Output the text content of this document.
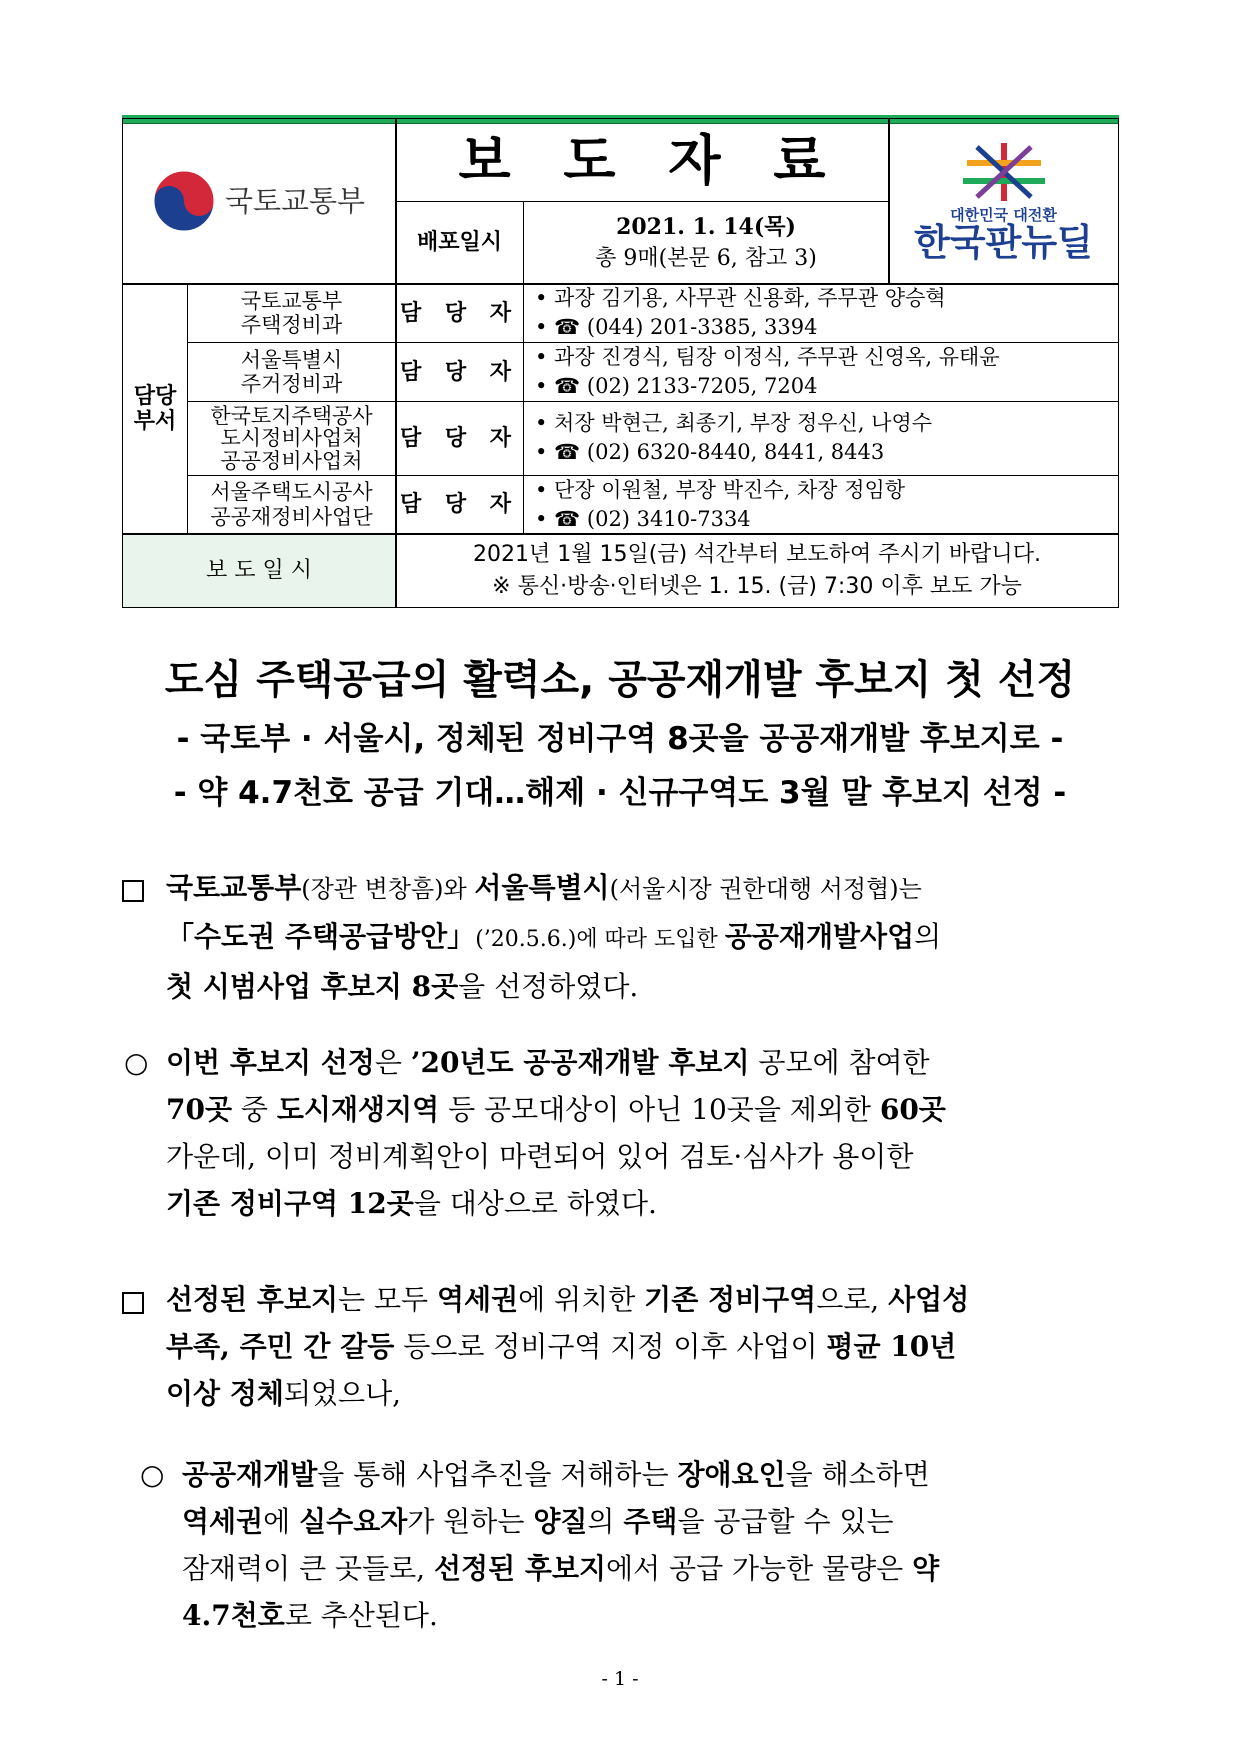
국토교통부
보 도 자 료
배포일시
2021. 1. 14(목)
총 9매(본문 6, 참고 3)
대한민국 대전환
한국판뉴딜
담당
부서
국토교통부
주택정비과	담 당 자
• 과장 김기용, 사무관 신용화, 주무관 양승혁
• ☎ (044) 201-3385, 3394
서울특별시
주거정비과	담 당 자
• 과장 진경식, 팀장 이정식, 주무관 신영옥, 유태윤
• ☎ (02) 2133-7205, 7204
한국토지주택공사
도시정비사업처
공공정비사업처
담 당 자
• 처장 박현근, 최종기, 부장 정우신, 나영수
• ☎ (02) 6320-8440, 8441, 8443
서울주택도시공사
공공재정비사업단 담 당 자
• 단장 이원철, 부장 박진수, 차장 정임항
• ☎ (02) 3410-7334
보 도 일 시
2021년 1월 15일(금) 석간부터 보도하여 주시기 바랍니다.
※ 통신·방송·인터넷은 1. 15. (금) 7:30 이후 보도 가능
도심 주택공급의 활력소, 공공재개발 후보지 첫 선정
- 국토부 · 서울시, 정체된 정비구역 8곳을 공공재개발 후보지로 -
- 약 4.7천호 공급 기대…해제 · 신규구역도 3월 말 후보지 선정 -
국토교통부(장관 변창흠)와 서울특별시(서울시장 권한대행 서정협)는
「수도권 주택공급방안」(’20.5.6.)에 따라 도입한 공공재개발사업의
첫 시범사업 후보지 8곳을 선정하였다.
○ 이번 후보지 선정은 ’20년도 공공재개발 후보지 공모에 참여한
70곳 중 도시재생지역 등 공모대상이 아닌 10곳을 제외한 60곳
가운데, 이미 정비계획안이 마련되어 있어 검토·심사가 용이한
기존 정비구역 12곳을 대상으로 하였다.
선정된 후보지는 모두 역세권에 위치한 기존 정비구역으로, 사업성
부족, 주민 간 갈등 등으로 정비구역 지정 이후 사업이 평균 10년
이상 정체되었으나,
○ 공공재개발을 통해 사업추진을 저해하는 장애요인을 해소하면
역세권에 실수요자가 원하는 양질의 주택을 공급할 수 있는
잠재력이 큰 곳들로, 선정된 후보지에서 공급 가능한 물량은 약
4.7천호로 추산된다.
- 1 -
